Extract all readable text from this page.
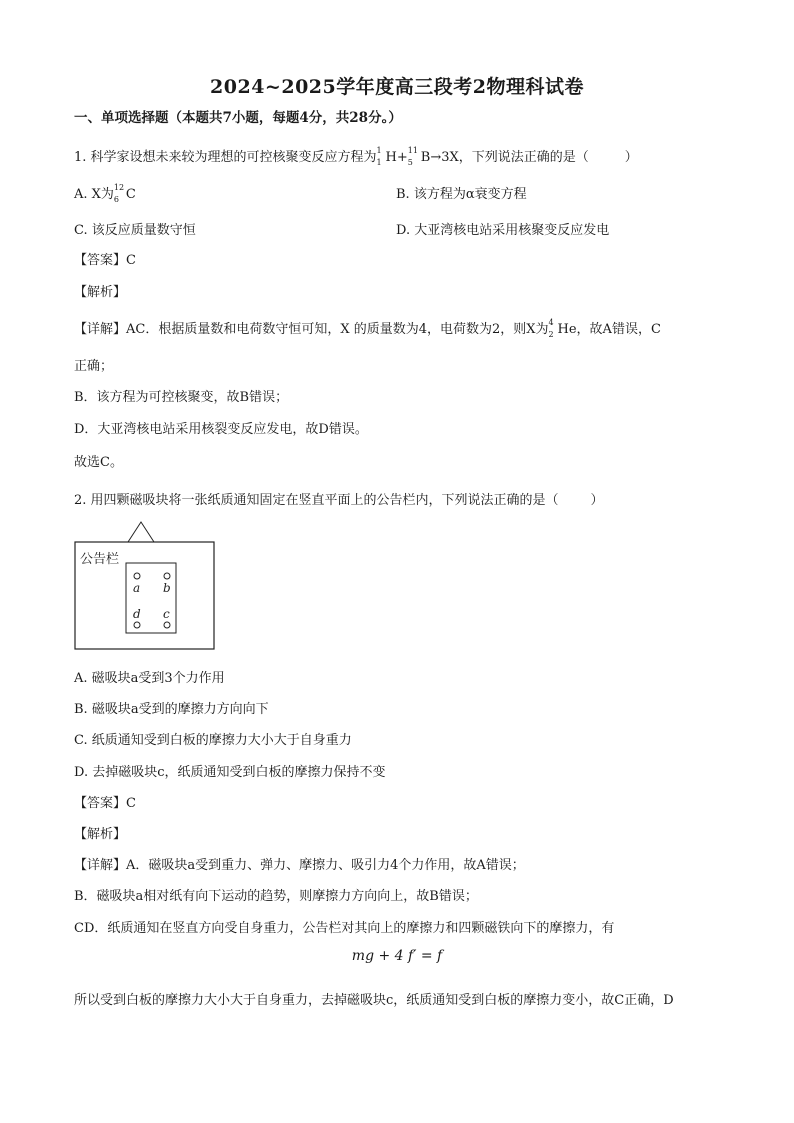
2024~2025学年度高三段考2物理科试卷
一、单项选择题（本题共7小题，每题4分，共28分。）
1. 科学家设想未来较为理想的可控核聚变反应方程为 1
1 H+ 11
5 B→3X，下列说法正确的是（	）
A. X为 12
6 C	B. 该方程为α衰变方程
C. 该反应质量数守恒	D. 大亚湾核电站采用核聚变反应发电
【答案】C
【解析】
【详解】AC．根据质量数和电荷数守恒可知，X 的质量数为4，电荷数为2，则X为 4
2 He，故A错误，C
正确；
B．该方程为可控核聚变，故B错误；
D．大亚湾核电站采用核裂变反应发电，故D错误。
故选C。
2. 用四颗磁吸块将一张纸质通知固定在竖直平面上的公告栏内，下列说法正确的是（ ）
公告栏
a b
d c
A. 磁吸块a受到3个力作用
B. 磁吸块a受到的摩擦力方向向下
C. 纸质通知受到白板的摩擦力大小大于自身重力
D. 去掉磁吸块c，纸质通知受到白板的摩擦力保持不变
【答案】C
【解析】
【详解】A．磁吸块a受到重力、弹力、摩擦力、吸引力4个力作用，故A错误；
B．磁吸块a相对纸有向下运动的趋势，则摩擦力方向向上，故B错误；
CD．纸质通知在竖直方向受自身重力，公告栏对其向上的摩擦力和四颗磁铁向下的摩擦力，有
mg + 4 f′ = f
所以受到白板的摩擦力大小大于自身重力，去掉磁吸块c，纸质通知受到白板的摩擦力变小，故C正确，D
